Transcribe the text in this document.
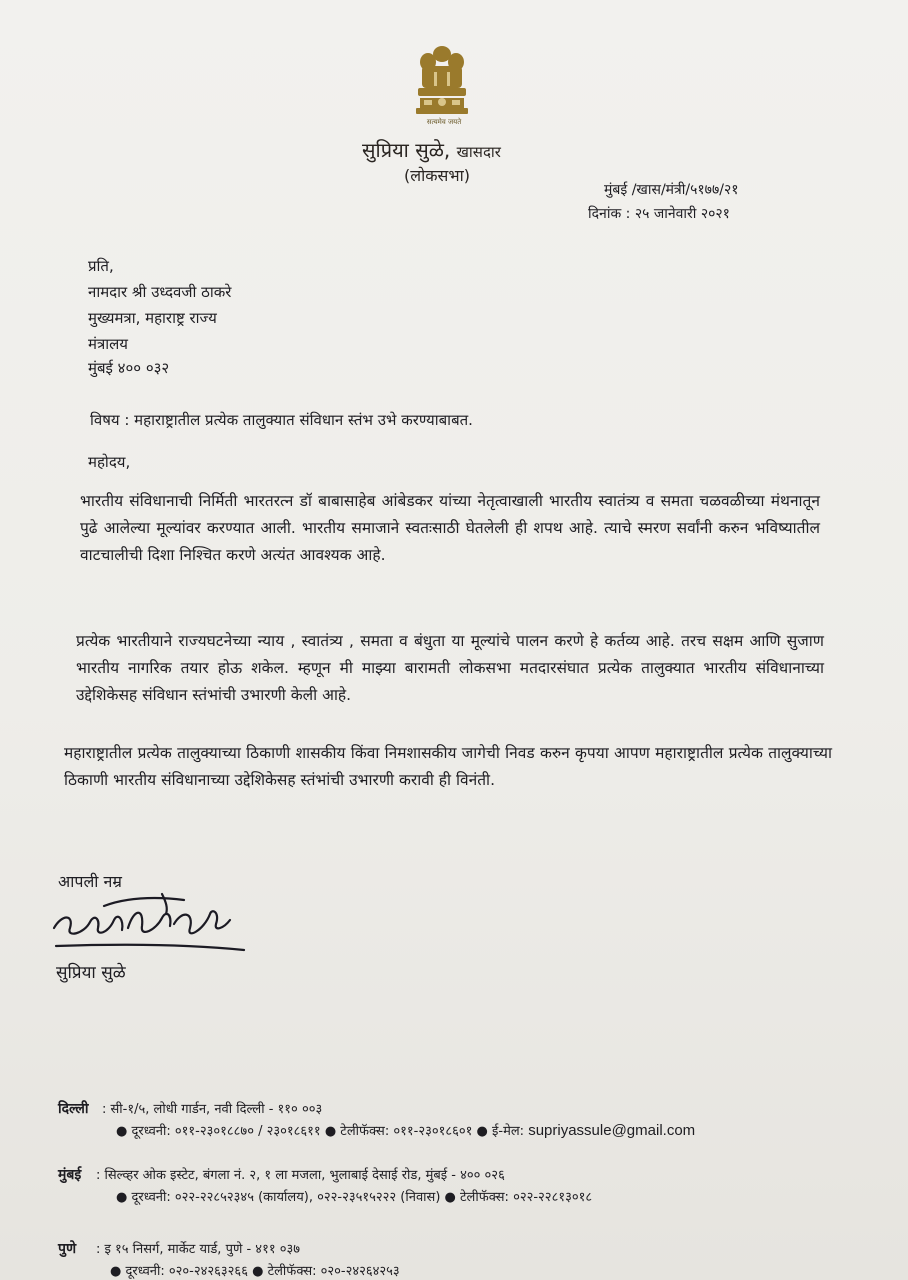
सत्यमेव जयते
सुप्रिया सुळे, खासदार
(लोकसभा)
मुंबई /खास/मंत्री/५१७७/२१
दिनांक : २५ जानेवारी २०२१
प्रति,
नामदार श्री उध्दवजी ठाकरे
मुख्यमत्रा, महाराष्ट्र राज्य
मंत्रालय
मुंबई ४०० ०३२
विषय : महाराष्ट्रातील प्रत्येक तालुक्यात संविधान स्तंभ उभे करण्याबाबत.
महोदय,
भारतीय संविधानाची निर्मिती भारतरत्न डॉ बाबासाहेब आंबेडकर यांच्या नेतृत्वाखाली भारतीय स्वातंत्र्य व समता चळवळीच्या मंथनातून पुढे आलेल्या मूल्यांवर करण्यात आली. भारतीय समाजाने स्वतःसाठी घेतलेली ही शपथ आहे. त्याचे स्मरण सर्वांनी करुन भविष्यातील वाटचालीची दिशा निश्चित करणे अत्यंत आवश्यक आहे.
प्रत्येक भारतीयाने राज्यघटनेच्या न्याय , स्वातंत्र्य , समता व बंधुता या मूल्यांचे पालन करणे हे कर्तव्य आहे. तरच सक्षम आणि सुजाण भारतीय नागरिक तयार होऊ शकेल. म्हणून मी माझ्या बारामती लोकसभा मतदारसंघात प्रत्येक तालुक्यात भारतीय संविधानाच्या उद्देशिकेसह संविधान स्तंभांची उभारणी केली आहे.
महाराष्ट्रातील प्रत्येक तालुक्याच्या ठिकाणी शासकीय किंवा निमशासकीय जागेची निवड करुन कृपया आपण महाराष्ट्रातील प्रत्येक तालुक्याच्या ठिकाणी भारतीय संविधानाच्या उद्देशिकेसह स्तंभांची उभारणी करावी ही विनंती.
आपली नम्र
सुप्रिया सुळे
दिल्ली : सी-१/५, लोधी गार्डन, नवी दिल्ली - ११० ००३
● दूरध्वनी: ०११-२३०१८८७० / २३०१८६११ ● टेलीफॅक्स: ०११-२३०१८६०१ ● ई-मेल: supriyassule@gmail.com
मुंबई : सिल्व्हर ओक इस्टेट, बंगला नं. २, १ ला मजला, भुलाबाई देसाई रोड, मुंबई - ४०० ०२६
● दूरध्वनी: ०२२-२२८५२३४५ (कार्यालय), ०२२-२३५१५२२२ (निवास) ● टेलीफॅक्स: ०२२-२२८१३०१८
पुणे : इ १५ निसर्ग, मार्केट यार्ड, पुणे - ४११ ०३७
● दूरध्वनी: ०२०-२४२६३२६६ ● टेलीफॅक्स: ०२०-२४२६४२५३
